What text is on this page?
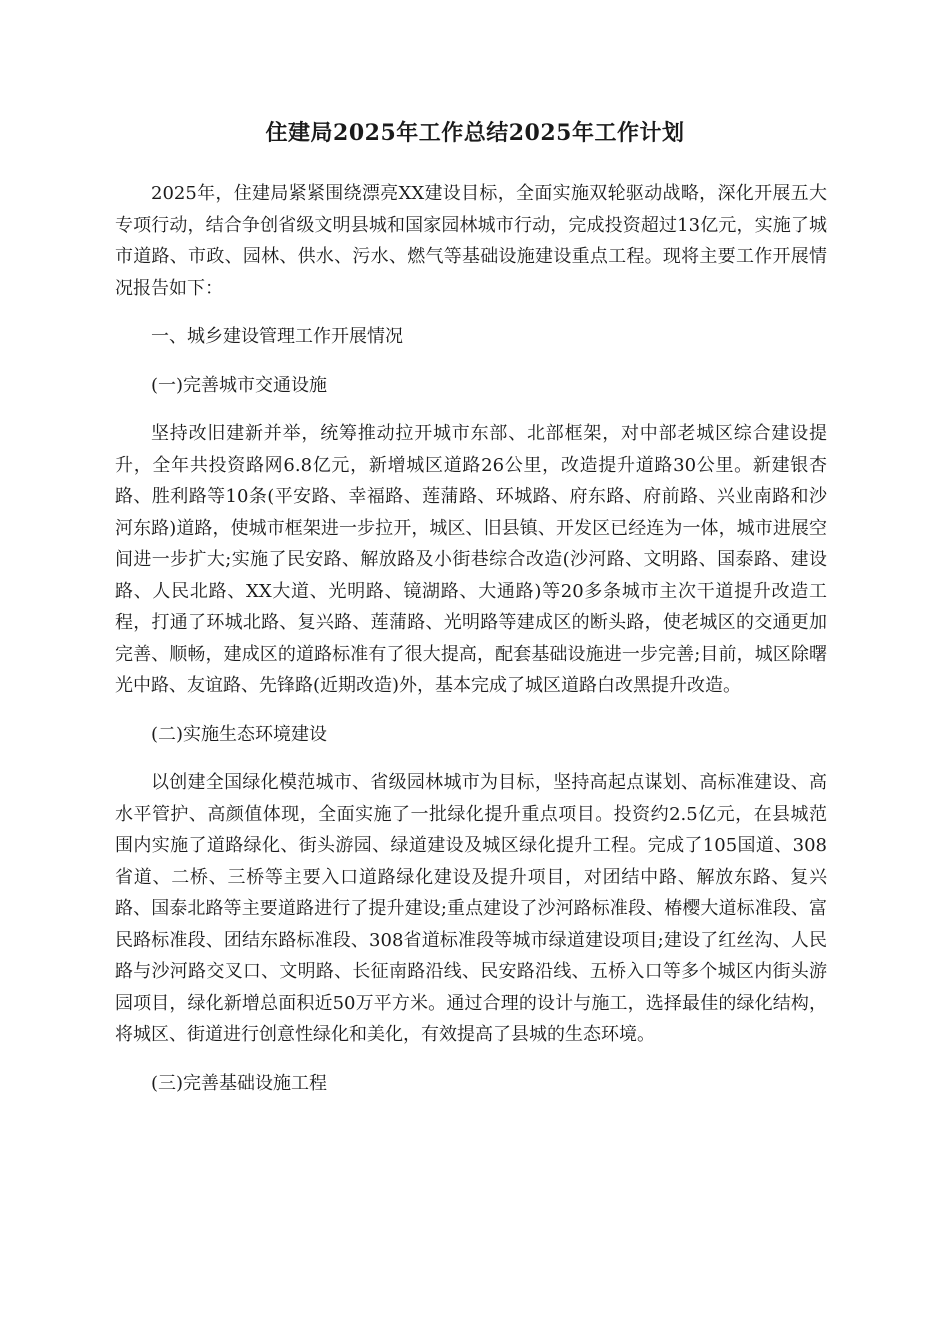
住建局2025年工作总结2025年工作计划

2025年，住建局紧紧围绕漂亮XX建设目标，全面实施双轮驱动战略，深化开展五大专项行动，结合争创省级文明县城和国家园林城市行动，完成投资超过13亿元，实施了城市道路、市政、园林、供水、污水、燃气等基础设施建设重点工程。现将主要工作开展情况报告如下：

一、城乡建设管理工作开展情况

(一)完善城市交通设施

坚持改旧建新并举，统筹推动拉开城市东部、北部框架，对中部老城区综合建设提升，全年共投资路网6.8亿元，新增城区道路26公里，改造提升道路30公里。新建银杏路、胜利路等10条(平安路、幸福路、莲蒲路、环城路、府东路、府前路、兴业南路和沙河东路)道路，使城市框架进一步拉开，城区、旧县镇、开发区已经连为一体，城市进展空间进一步扩大;实施了民安路、解放路及小街巷综合改造(沙河路、文明路、国泰路、建设路、人民北路、XX大道、光明路、镜湖路、大通路)等20多条城市主次干道提升改造工程，打通了环城北路、复兴路、莲蒲路、光明路等建成区的断头路，使老城区的交通更加完善、顺畅，建成区的道路标准有了很大提高，配套基础设施进一步完善;目前，城区除曙光中路、友谊路、先锋路(近期改造)外，基本完成了城区道路白改黑提升改造。

(二)实施生态环境建设

以创建全国绿化模范城市、省级园林城市为目标，坚持高起点谋划、高标准建设、高水平管护、高颜值体现，全面实施了一批绿化提升重点项目。投资约2.5亿元，在县城范围内实施了道路绿化、街头游园、绿道建设及城区绿化提升工程。完成了105国道、308省道、二桥、三桥等主要入口道路绿化建设及提升项目，对团结中路、解放东路、复兴路、国泰北路等主要道路进行了提升建设;重点建设了沙河路标准段、椿樱大道标准段、富民路标准段、团结东路标准段、308省道标准段等城市绿道建设项目;建设了红丝沟、人民路与沙河路交叉口、文明路、长征南路沿线、民安路沿线、五桥入口等多个城区内街头游园项目，绿化新增总面积近50万平方米。通过合理的设计与施工，选择最佳的绿化结构，将城区、街道进行创意性绿化和美化，有效提高了县城的生态环境。

(三)完善基础设施工程
